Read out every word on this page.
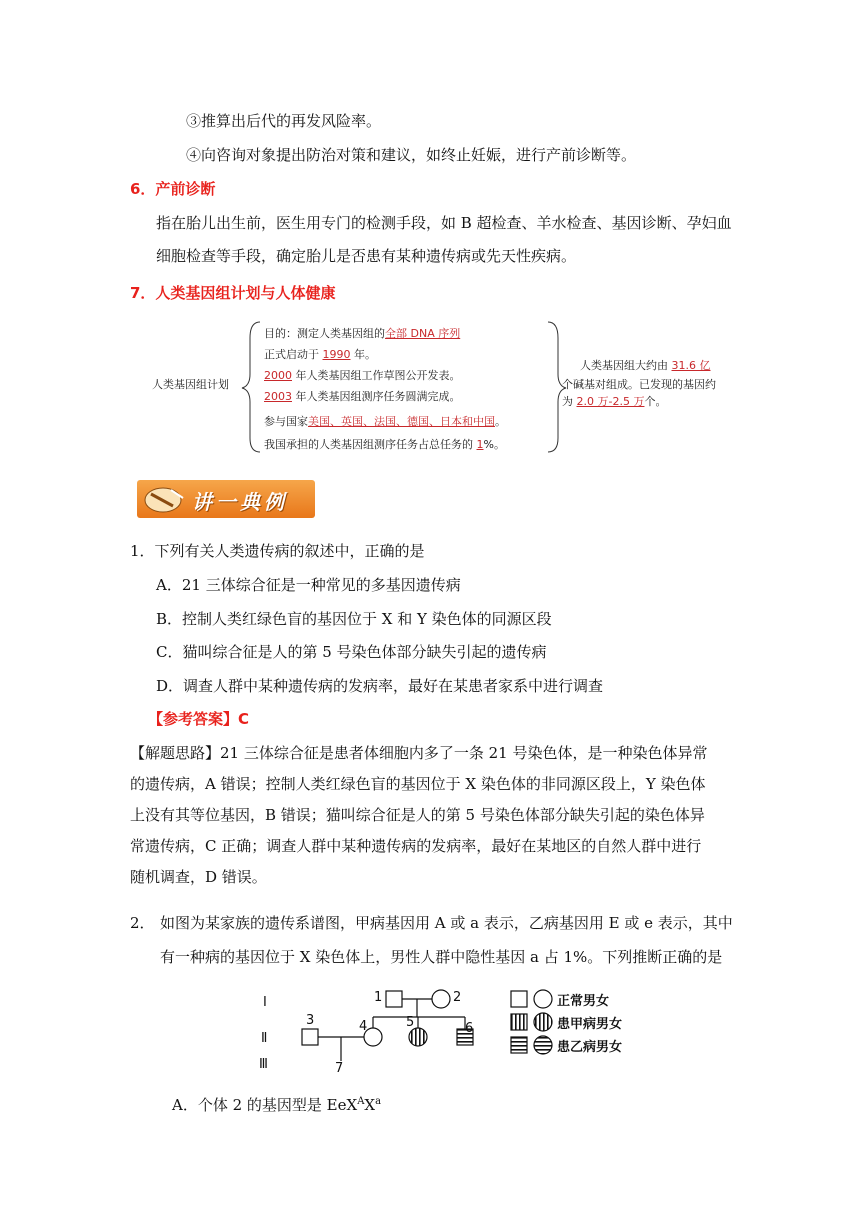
③推算出后代的再发风险率。
④向咨询对象提出防治对策和建议，如终止妊娠，进行产前诊断等。
6．产前诊断
指在胎儿出生前，医生用专门的检测手段，如 B 超检查、羊水检查、基因诊断、孕妇血
细胞检查等手段，确定胎儿是否患有某种遗传病或先天性疾病。
7．人类基因组计划与人体健康
人类基因组计划
目的：测定人类基因组的全部 DNA 序列
正式启动于 1990 年。
2000 年人类基因组工作草图公开发表。
2003 年人类基因组测序任务圆满完成。
参与国家美国、英国、法国、德国、日本和中国。
我国承担的人类基因组测序任务占总任务的 1%。
人类基因组大约由 31.6 亿
个碱基对组成。已发现的基因约
为 2.0 万-2.5 万个。
讲一典例
1．下列有关人类遗传病的叙述中，正确的是
A．21 三体综合征是一种常见的多基因遗传病
B．控制人类红绿色盲的基因位于 X 和 Y 染色体的同源区段
C．猫叫综合征是人的第 5 号染色体部分缺失引起的遗传病
D．调查人群中某种遗传病的发病率，最好在某患者家系中进行调查
【参考答案】C
【解题思路】21 三体综合征是患者体细胞内多了一条 21 号染色体，是一种染色体异常
的遗传病，A 错误；控制人类红绿色盲的基因位于 X 染色体的非同源区段上，Y 染色体
上没有其等位基因，B 错误；猫叫综合征是人的第 5 号染色体部分缺失引起的染色体异
常遗传病，C 正确；调查人群中某种遗传病的发病率，最好在某地区的自然人群中进行
随机调查，D 错误。
2． 如图为某家族的遗传系谱图，甲病基因用 A 或 a 表示，乙病基因用 E 或 e 表示，其中
有一种病的基因位于 X 染色体上，男性人群中隐性基因 a 占 1%。下列推断正确的是
Ⅰ
Ⅱ
Ⅲ
1	2
3	4	5	6
7
正常男女
患甲病男女
患乙病男女
A．个体 2 的基因型是 $EeX^AX^a$
